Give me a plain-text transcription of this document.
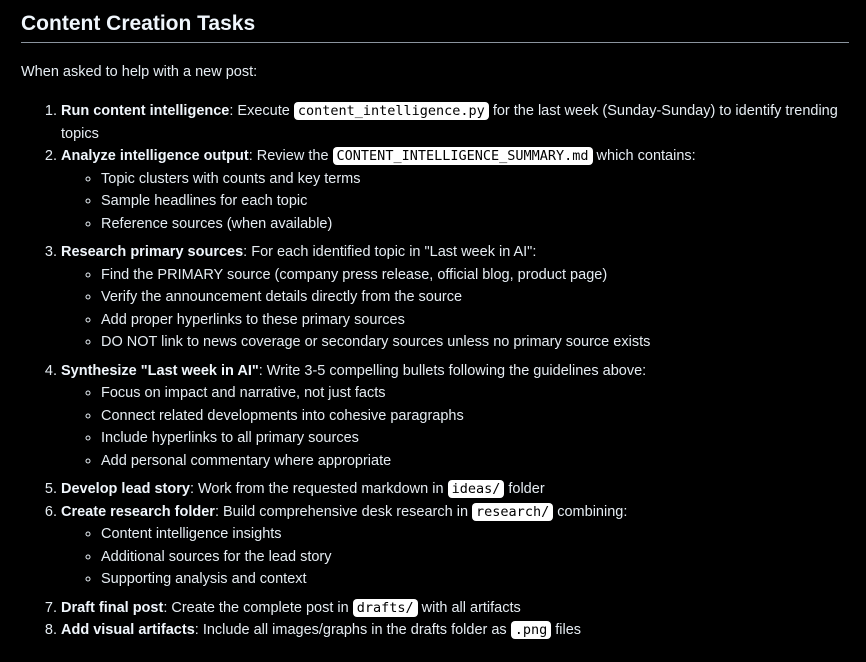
Content Creation Tasks

When asked to help with a new post:

1. Run content intelligence: Execute content_intelligence.py for the last week (Sunday-Sunday) to identify trending topics
2. Analyze intelligence output: Review the CONTENT_INTELLIGENCE_SUMMARY.md which contains:
◦ Topic clusters with counts and key terms
◦ Sample headlines for each topic
◦ Reference sources (when available)
3. Research primary sources: For each identified topic in "Last week in AI":
◦ Find the PRIMARY source (company press release, official blog, product page)
◦ Verify the announcement details directly from the source
◦ Add proper hyperlinks to these primary sources
◦ DO NOT link to news coverage or secondary sources unless no primary source exists
4. Synthesize "Last week in AI": Write 3-5 compelling bullets following the guidelines above:
◦ Focus on impact and narrative, not just facts
◦ Connect related developments into cohesive paragraphs
◦ Include hyperlinks to all primary sources
◦ Add personal commentary where appropriate
5. Develop lead story: Work from the requested markdown in ideas/ folder
6. Create research folder: Build comprehensive desk research in research/ combining:
◦ Content intelligence insights
◦ Additional sources for the lead story
◦ Supporting analysis and context
7. Draft final post: Create the complete post in drafts/ with all artifacts
8. Add visual artifacts: Include all images/graphs in the drafts folder as .png files
